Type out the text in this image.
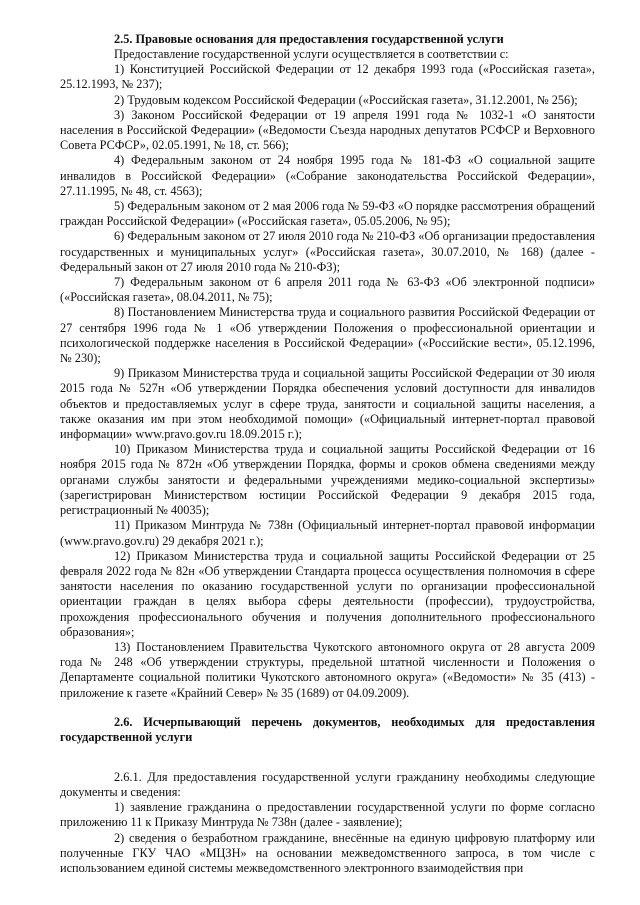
2.5. Правовые основания для предоставления государственной услуги

Предоставление государственной услуги осуществляется в соответствии с:

1) Конституцией Российской Федерации от 12 декабря 1993 года («Российская газета», 25.12.1993, № 237);

2) Трудовым кодексом Российской Федерации («Российская газета», 31.12.2001, № 256);

3) Законом Российской Федерации от 19 апреля 1991 года № 1032-1 «О занятости населения в Российской Федерации» («Ведомости Съезда народных депутатов РСФСР и Верховного Совета РСФСР», 02.05.1991, № 18, ст. 566);

4) Федеральным законом от 24 ноября 1995 года № 181-ФЗ «О социальной защите инвалидов в Российской Федерации» («Собрание законодательства Российской Федерации», 27.11.1995, № 48, ст. 4563);

5) Федеральным законом от 2 мая 2006 года № 59-ФЗ «О порядке рассмотрения обращений граждан Российской Федерации» («Российская газета», 05.05.2006, № 95);

6) Федеральным законом от 27 июля 2010 года № 210-ФЗ «Об организации предоставления государственных и муниципальных услуг» («Российская газета», 30.07.2010, № 168) (далее - Федеральный закон от 27 июля 2010 года № 210-ФЗ);

7) Федеральным законом от 6 апреля 2011 года № 63-ФЗ «Об электронной подписи» («Российская газета», 08.04.2011, № 75);

8) Постановлением Министерства труда и социального развития Российской Федерации от 27 сентября 1996 года № 1 «Об утверждении Положения о профессиональной ориентации и психологической поддержке населения в Российской Федерации» («Российские вести», 05.12.1996, № 230);

9) Приказом Министерства труда и социальной защиты Российской Федерации от 30 июля 2015 года № 527н «Об утверждении Порядка обеспечения условий доступности для инвалидов объектов и предоставляемых услуг в сфере труда, занятости и социальной защиты населения, а также оказания им при этом необходимой помощи» («Официальный интернет-портал правовой информации» www.pravo.gov.ru 18.09.2015 г.);

10) Приказом Министерства труда и социальной защиты Российской Федерации от 16 ноября 2015 года № 872н «Об утверждении Порядка, формы и сроков обмена сведениями между органами службы занятости и федеральными учреждениями медико-социальной экспертизы» (зарегистрирован Министерством юстиции Российской Федерации 9 декабря 2015 года, регистрационный № 40035);

11) Приказом Минтруда № 738н (Официальный интернет-портал правовой информации (www.pravo.gov.ru) 29 декабря 2021 г.);

12) Приказом Министерства труда и социальной защиты Российской Федерации от 25 февраля 2022 года № 82н «Об утверждении Стандарта процесса осуществления полномочия в сфере занятости населения по оказанию государственной услуги по организации профессиональной ориентации граждан в целях выбора сферы деятельности (профессии), трудоустройства, прохождения профессионального обучения и получения дополнительного профессионального образования»;

13) Постановлением Правительства Чукотского автономного округа от 28 августа 2009 года № 248 «Об утверждении структуры, предельной штатной численности и Положения о Департаменте социальной политики Чукотского автономного округа» («Ведомости» № 35 (413) - приложение к газете «Крайний Север» № 35 (1689) от 04.09.2009).

2.6. Исчерпывающий перечень документов, необходимых для предоставления государственной услуги

2.6.1. Для предоставления государственной услуги гражданину необходимы следующие документы и сведения:

1) заявление гражданина о предоставлении государственной услуги по форме согласно приложению 11 к Приказу Минтруда № 738н (далее - заявление);

2) сведения о безработном гражданине, внесённые на единую цифровую платформу или полученные ГКУ ЧАО «МЦЗН» на основании межведомственного запроса, в том числе с использованием единой системы межведомственного электронного взаимодействия при
